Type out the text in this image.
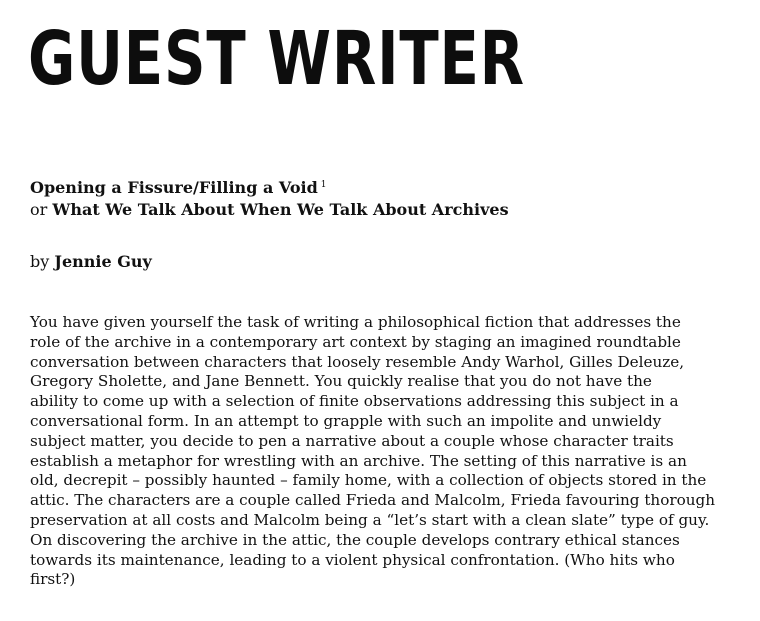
GUEST WRITER
Opening a Fissure/Filling a Void $^1$
or What We Talk About When We Talk About Archives
by Jennie Guy
You have given yourself the task of writing a philosophical fiction that addresses the
role of the archive in a contemporary art context by staging an imagined roundtable
conversation between characters that loosely resemble Andy Warhol, Gilles Deleuze,
Gregory Sholette, and Jane Bennett. You quickly realise that you do not have the
ability to come up with a selection of finite observations addressing this subject in a
conversational form. In an attempt to grapple with such an impolite and unwieldy
subject matter, you decide to pen a narrative about a couple whose character traits
establish a metaphor for wrestling with an archive. The setting of this narrative is an
old, decrepit – possibly haunted – family home, with a collection of objects stored in the
attic. The characters are a couple called Frieda and Malcolm, Frieda favouring thorough
preservation at all costs and Malcolm being a “let’s start with a clean slate” type of guy.
On discovering the archive in the attic, the couple develops contrary ethical stances
towards its maintenance, leading to a violent physical confrontation. (Who hits who
first?)
